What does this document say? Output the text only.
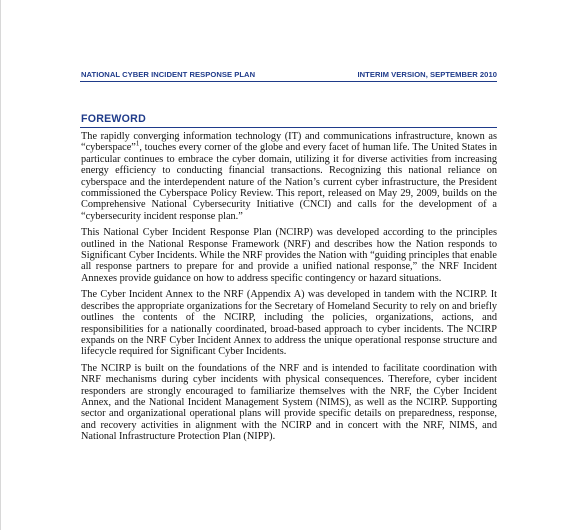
NATIONAL CYBER INCIDENT RESPONSE PLAN	INTERIM VERSION, SEPTEMBER 2010
FOREWORD

The rapidly converging information technology (IT) and communications infrastructure, known as “cyberspace”$^1$, touches every corner of the globe and every facet of human life. The United States in particular continues to embrace the cyber domain, utilizing it for diverse activities from increasing energy efficiency to conducting financial transactions. Recognizing this national reliance on cyberspace and the interdependent nature of the Nation’s current cyber infrastructure, the President commissioned the Cyberspace Policy Review. This report, released on May 29, 2009, builds on the Comprehensive National Cybersecurity Initiative (CNCI) and calls for the development of a “cybersecurity incident response plan.”

This National Cyber Incident Response Plan (NCIRP) was developed according to the principles outlined in the National Response Framework (NRF) and describes how the Nation responds to Significant Cyber Incidents. While the NRF provides the Nation with “guiding principles that enable all response partners to prepare for and provide a unified national response,” the NRF Incident Annexes provide guidance on how to address specific contingency or hazard situations.

The Cyber Incident Annex to the NRF (Appendix A) was developed in tandem with the NCIRP. It describes the appropriate organizations for the Secretary of Homeland Security to rely on and briefly outlines the contents of the NCIRP, including the policies, organizations, actions, and responsibilities for a nationally coordinated, broad-based approach to cyber incidents. The NCIRP expands on the NRF Cyber Incident Annex to address the unique operational response structure and lifecycle required for Significant Cyber Incidents.

The NCIRP is built on the foundations of the NRF and is intended to facilitate coordination with NRF mechanisms during cyber incidents with physical consequences. Therefore, cyber incident responders are strongly encouraged to familiarize themselves with the NRF, the Cyber Incident Annex, and the National Incident Management System (NIMS), as well as the NCIRP. Supporting sector and organizational operational plans will provide specific details on preparedness, response, and recovery activities in alignment with the NCIRP and in concert with the NRF, NIMS, and National Infrastructure Protection Plan (NIPP).
